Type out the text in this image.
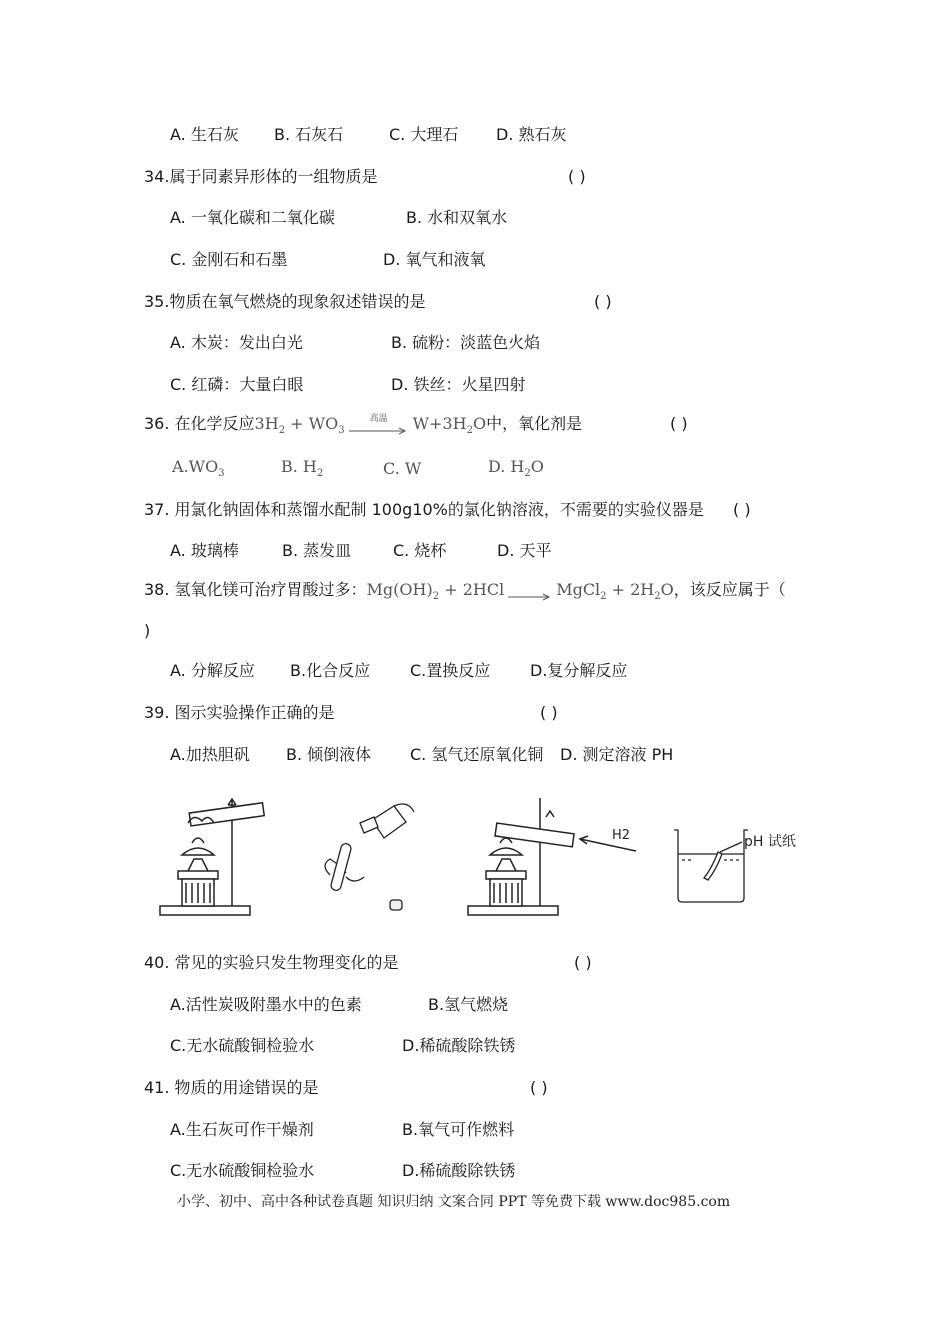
A. 生石灰 B. 石灰石	C. 大理石 D. 熟石灰
34.属于同素异形体的一组物质是	( )
A. 一氧化碳和二氧化碳	B. 水和双氧水
C. 金刚石和石墨	D. 氧气和液氧
35.物质在氧气燃烧的现象叙述错误的是	( )
A. 木炭：发出白光	B. 硫粉：淡蓝色火焰
C. 红磷：大量白眼	D. 铁丝：火星四射
36. 在化学反应$3H_2 + WO_3$
高温	$W+3H_2O$中，氧化剂是	( )
$A.WO_3$	B. $H_2$	C. W	D. $H_2O$
37. 用氯化钠固体和蒸馏水配制 100g10%的氯化钠溶液，不需要的实验仪器是 ( )
A. 玻璃棒	B. 蒸发皿	C. 烧杯	D. 天平
38. 氢氧化镁可治疗胃酸过多：$Mg(OH)_2 + 2HCl$	MgCl$_2$ + $2H_2O$，该反应属于（
)
A. 分解反应 B.化合反应 C.置换反应 D.复分解反应
39. 图示实验操作正确的是	( )
A.加热胆矾 B. 倾倒液体 C. 氢气还原氧化铜 D. 测定溶液 PH
H2	pH 试纸
40. 常见的实验只发生物理变化的是	( )
A.活性炭吸附墨水中的色素	B.氢气燃烧
C.无水硫酸铜检验水	D.稀硫酸除铁锈
41. 物质的用途错误的是	( )
A.生石灰可作干燥剂	B.氧气可作燃料
C.无水硫酸铜检验水	D.稀硫酸除铁锈
小学、初中、高中各种试卷真题 知识归纳 文案合同 PPT 等免费下载 www.doc985.com
